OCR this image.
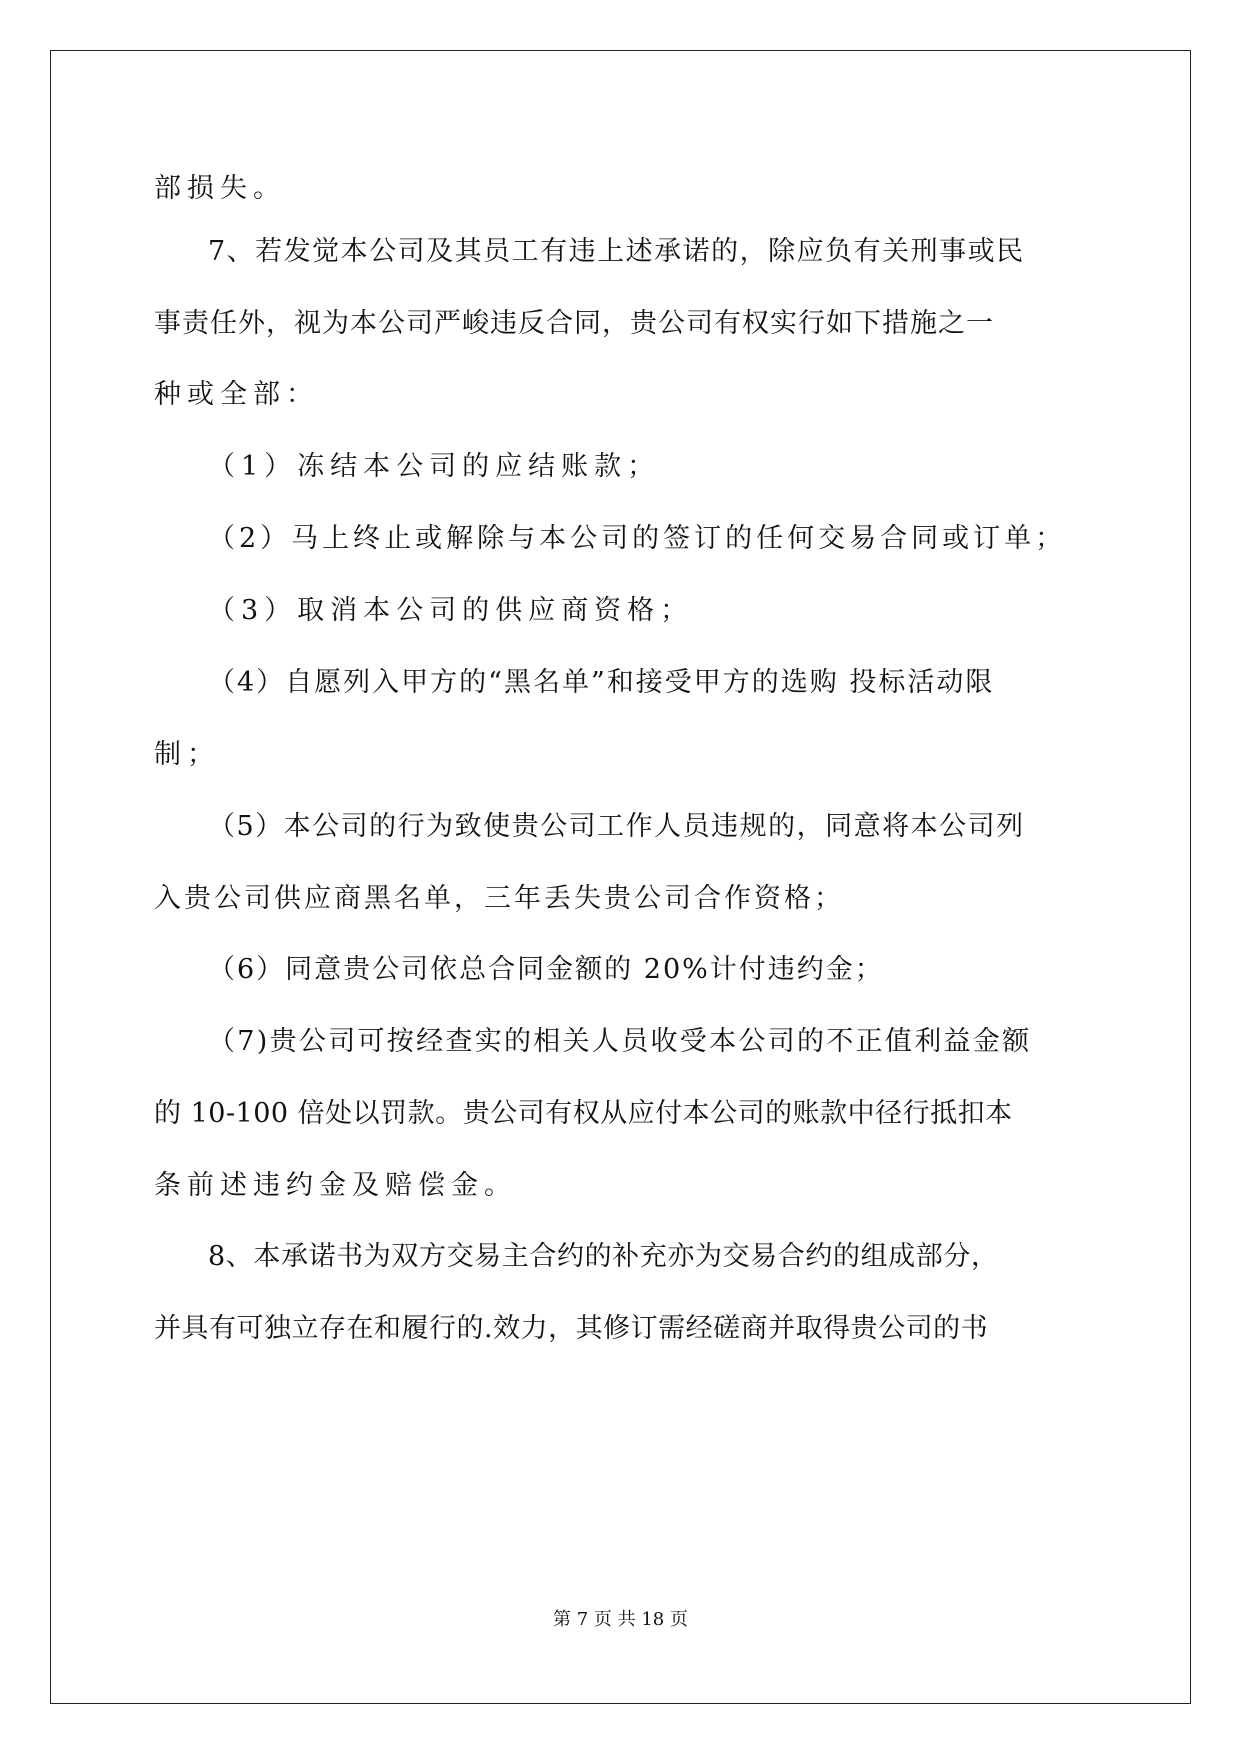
部损失。
7、若发觉本公司及其员工有违上述承诺的，除应负有关刑事或民
事责任外，视为本公司严峻违反合同，贵公司有权实行如下措施之一
种或全部：
（1）冻结本公司的应结账款；
（2）马上终止或解除与本公司的签订的任何交易合同或订单；
（3）取消本公司的供应商资格；
（4）自愿列入甲方的“黑名单”和接受甲方的选购 投标活动限
制；
（5）本公司的行为致使贵公司工作人员违规的，同意将本公司列
入贵公司供应商黑名单，三年丢失贵公司合作资格；
（6）同意贵公司依总合同金额的 20%计付违约金；
（7)贵公司可按经查实的相关人员收受本公司的不正值利益金额
的 10-100 倍处以罚款。贵公司有权从应付本公司的账款中径行抵扣本
条前述违约金及赔偿金。
8、本承诺书为双方交易主合约的补充亦为交易合约的组成部分，
并具有可独立存在和履行的.效力，其修订需经磋商并取得贵公司的书
第 7 页 共 18 页
